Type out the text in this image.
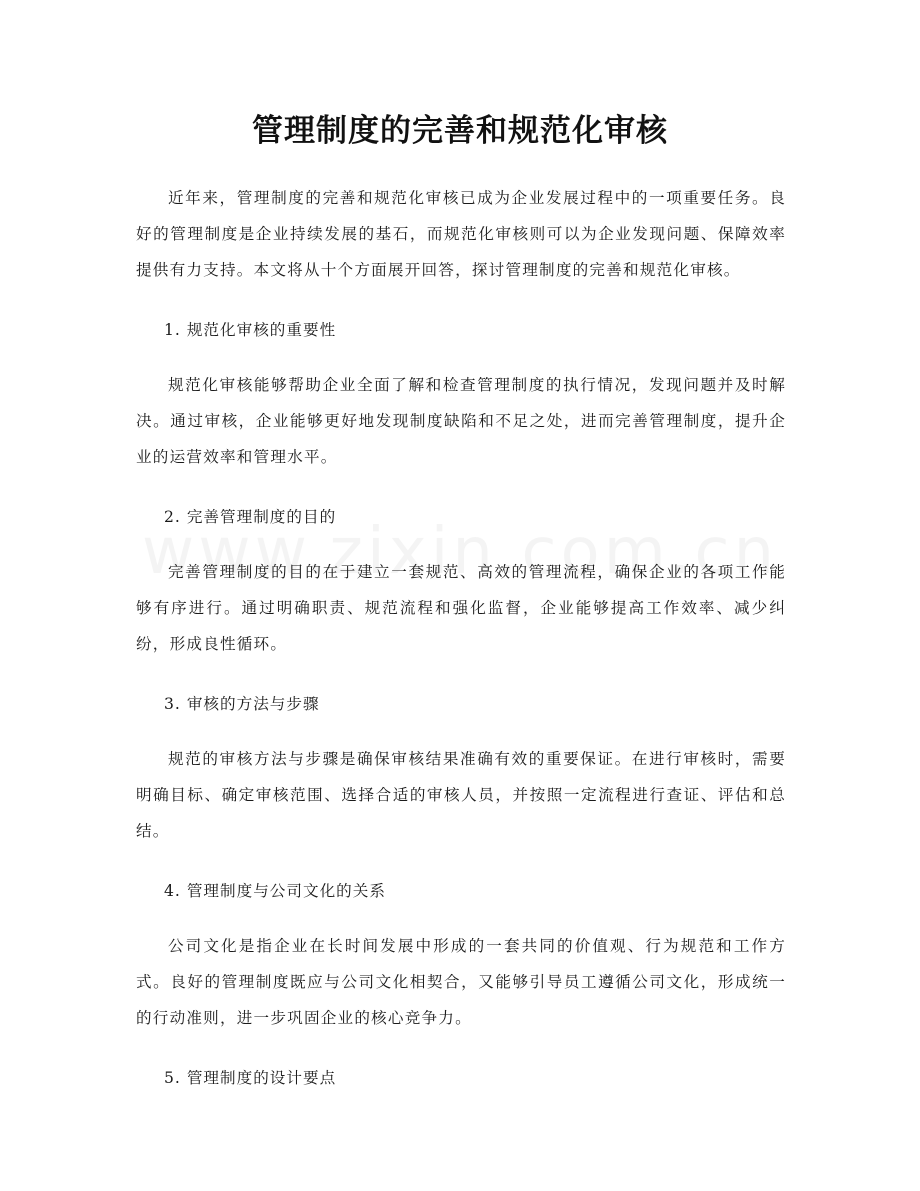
管理制度的完善和规范化审核

近年来，管理制度的完善和规范化审核已成为企业发展过程中的一项重要任务。良好的管理制度是企业持续发展的基石，而规范化审核则可以为企业发现问题、保障效率提供有力支持。本文将从十个方面展开回答，探讨管理制度的完善和规范化审核。

1. 规范化审核的重要性

规范化审核能够帮助企业全面了解和检查管理制度的执行情况，发现问题并及时解决。通过审核，企业能够更好地发现制度缺陷和不足之处，进而完善管理制度，提升企业的运营效率和管理水平。

2. 完善管理制度的目的

完善管理制度的目的在于建立一套规范、高效的管理流程，确保企业的各项工作能够有序进行。通过明确职责、规范流程和强化监督，企业能够提高工作效率、减少纠纷，形成良性循环。

3. 审核的方法与步骤

规范的审核方法与步骤是确保审核结果准确有效的重要保证。在进行审核时，需要明确目标、确定审核范围、选择合适的审核人员，并按照一定流程进行查证、评估和总结。

4. 管理制度与公司文化的关系

公司文化是指企业在长时间发展中形成的一套共同的价值观、行为规范和工作方式。良好的管理制度既应与公司文化相契合，又能够引导员工遵循公司文化，形成统一的行动准则，进一步巩固企业的核心竞争力。

5. 管理制度的设计要点
